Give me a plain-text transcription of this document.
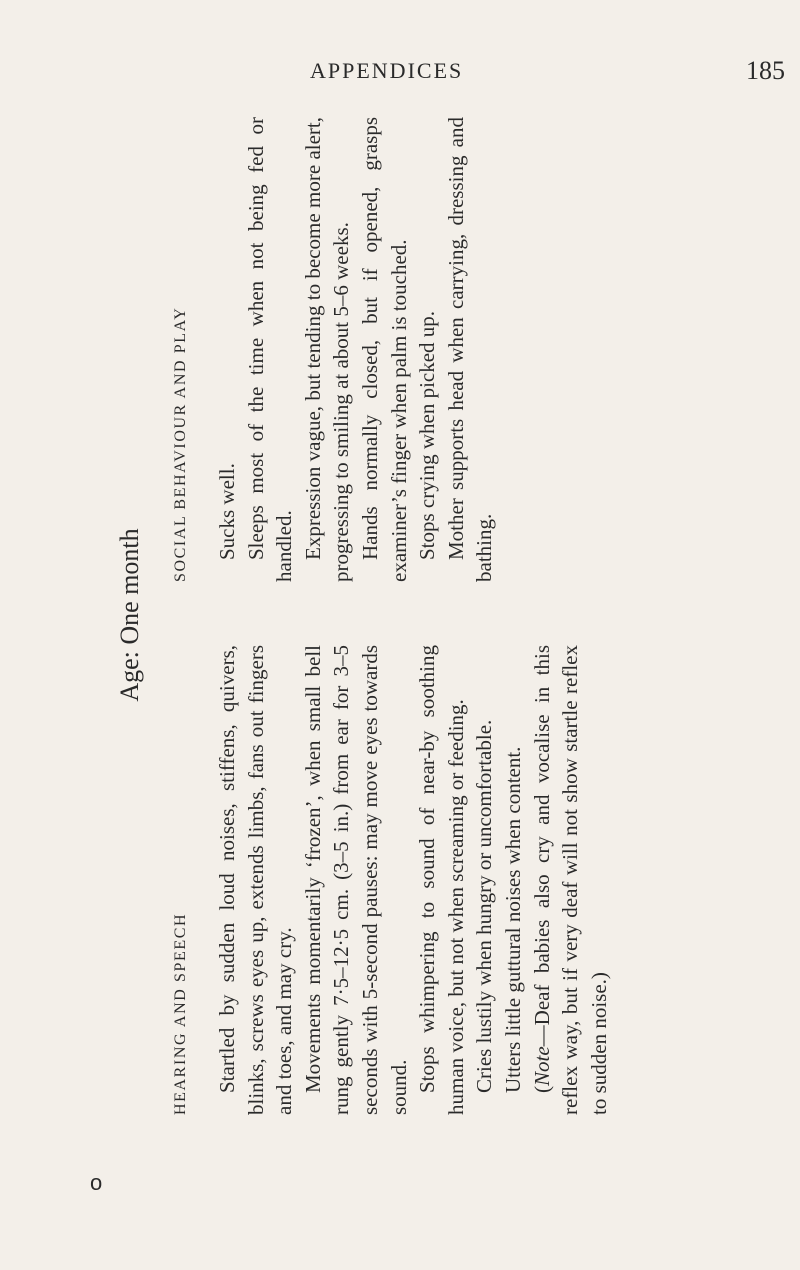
APPENDICES	185
Age: One month
HEARING AND SPEECH
SOCIAL BEHAVIOUR AND PLAY

Startled by sudden loud noises, stiffens, quivers, blinks, screws eyes up, extends limbs, fans out fingers and toes, and may cry. Movements momentarily ‘frozen’, when small bell rung gently 7·5–12·5 cm. (3–5 in.) from ear for 3–5 seconds with 5-second pauses: may move eyes towards sound. Stops whimpering to sound of near-by soothing human voice, but not when screaming or feeding. Cries lustily when hungry or uncomfortable. Utters little guttural noises when content. (Note—Deaf babies also cry and vocalise in this reflex way, but if very deaf will not show startle reflex to sudden noise.)

Sucks well. Sleeps most of the time when not being fed or handled. Expression vague, but tending to become more alert, progressing to smiling at about 5–6 weeks. Hands normally closed, but if opened, grasps examiner’s finger when palm is touched. Stops crying when picked up. Mother supports head when carrying, dressing and bathing.

o
